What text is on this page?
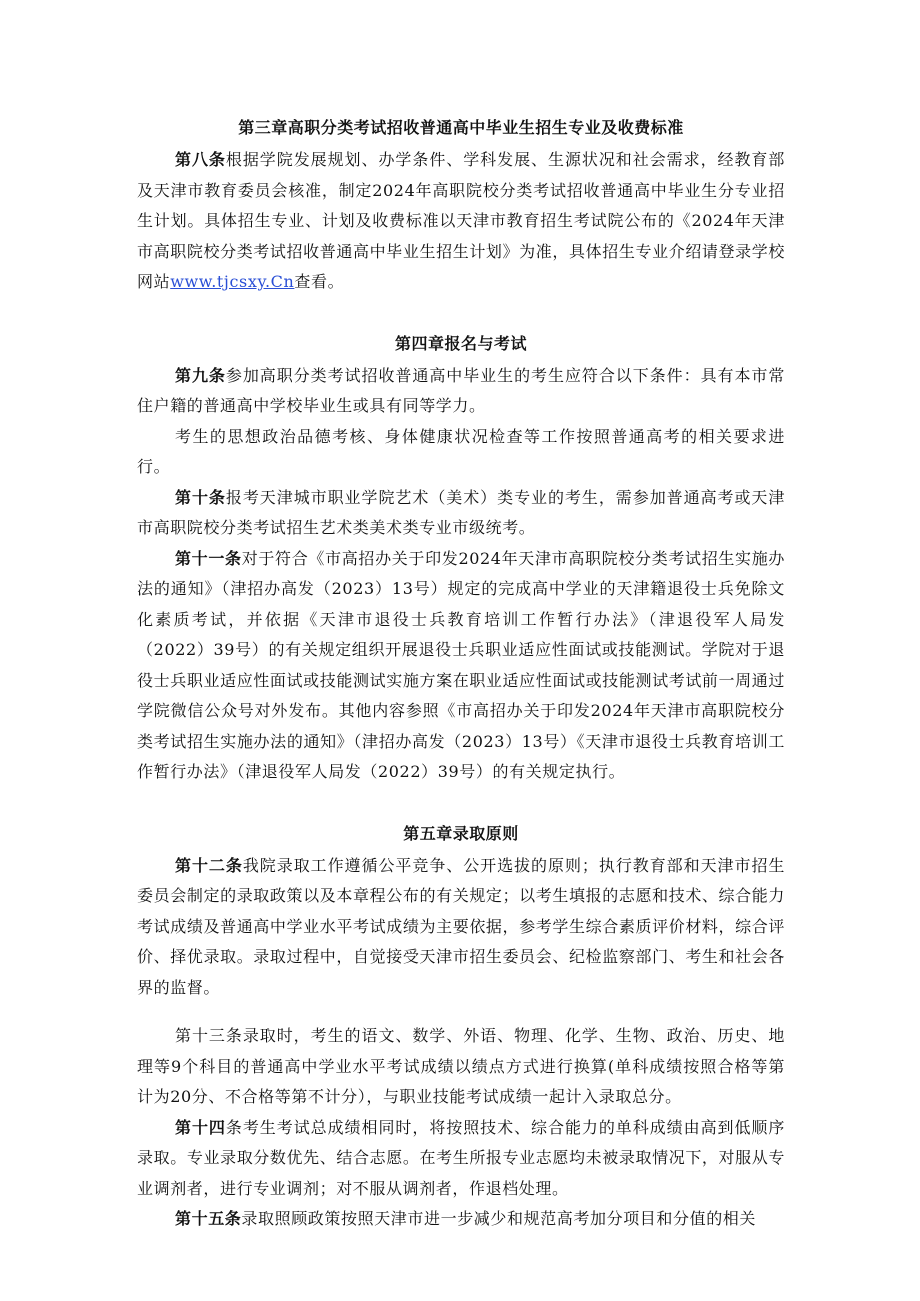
第三章高职分类考试招收普通高中毕业生招生专业及收费标准

第八条根据学院发展规划、办学条件、学科发展、生源状况和社会需求，经教育部及天津市教育委员会核准，制定2024年高职院校分类考试招收普通高中毕业生分专业招生计划。具体招生专业、计划及收费标准以天津市教育招生考试院公布的《2024年天津市高职院校分类考试招收普通高中毕业生招生计划》为准，具体招生专业介绍请登录学校网站www.tjcsxy.Cn查看。

第四章报名与考试

第九条参加高职分类考试招收普通高中毕业生的考生应符合以下条件：具有本市常住户籍的普通高中学校毕业生或具有同等学力。

考生的思想政治品德考核、身体健康状况检查等工作按照普通高考的相关要求进行。

第十条报考天津城市职业学院艺术（美术）类专业的考生，需参加普通高考或天津市高职院校分类考试招生艺术类美术类专业市级统考。

第十一条对于符合《市高招办关于印发2024年天津市高职院校分类考试招生实施办法的通知》（津招办高发（2023）13号）规定的完成高中学业的天津籍退役士兵免除文化素质考试，并依据《天津市退役士兵教育培训工作暂行办法》（津退役军人局发（2022）39号）的有关规定组织开展退役士兵职业适应性面试或技能测试。学院对于退役士兵职业适应性面试或技能测试实施方案在职业适应性面试或技能测试考试前一周通过学院微信公众号对外发布。其他内容参照《市高招办关于印发2024年天津市高职院校分类考试招生实施办法的通知》（津招办高发（2023）13号）《天津市退役士兵教育培训工作暂行办法》（津退役军人局发（2022）39号）的有关规定执行。

第五章录取原则

第十二条我院录取工作遵循公平竞争、公开选拔的原则；执行教育部和天津市招生委员会制定的录取政策以及本章程公布的有关规定；以考生填报的志愿和技术、综合能力考试成绩及普通高中学业水平考试成绩为主要依据，参考学生综合素质评价材料，综合评价、择优录取。录取过程中，自觉接受天津市招生委员会、纪检监察部门、考生和社会各界的监督。

第十三条录取时，考生的语文、数学、外语、物理、化学、生物、政治、历史、地理等9个科目的普通高中学业水平考试成绩以绩点方式进行换算(单科成绩按照合格等第计为20分、不合格等第不计分），与职业技能考试成绩一起计入录取总分。

第十四条考生考试总成绩相同时，将按照技术、综合能力的单科成绩由高到低顺序录取。专业录取分数优先、结合志愿。在考生所报专业志愿均未被录取情况下，对服从专业调剂者，进行专业调剂；对不服从调剂者，作退档处理。

第十五条录取照顾政策按照天津市进一步减少和规范高考加分项目和分值的相关
